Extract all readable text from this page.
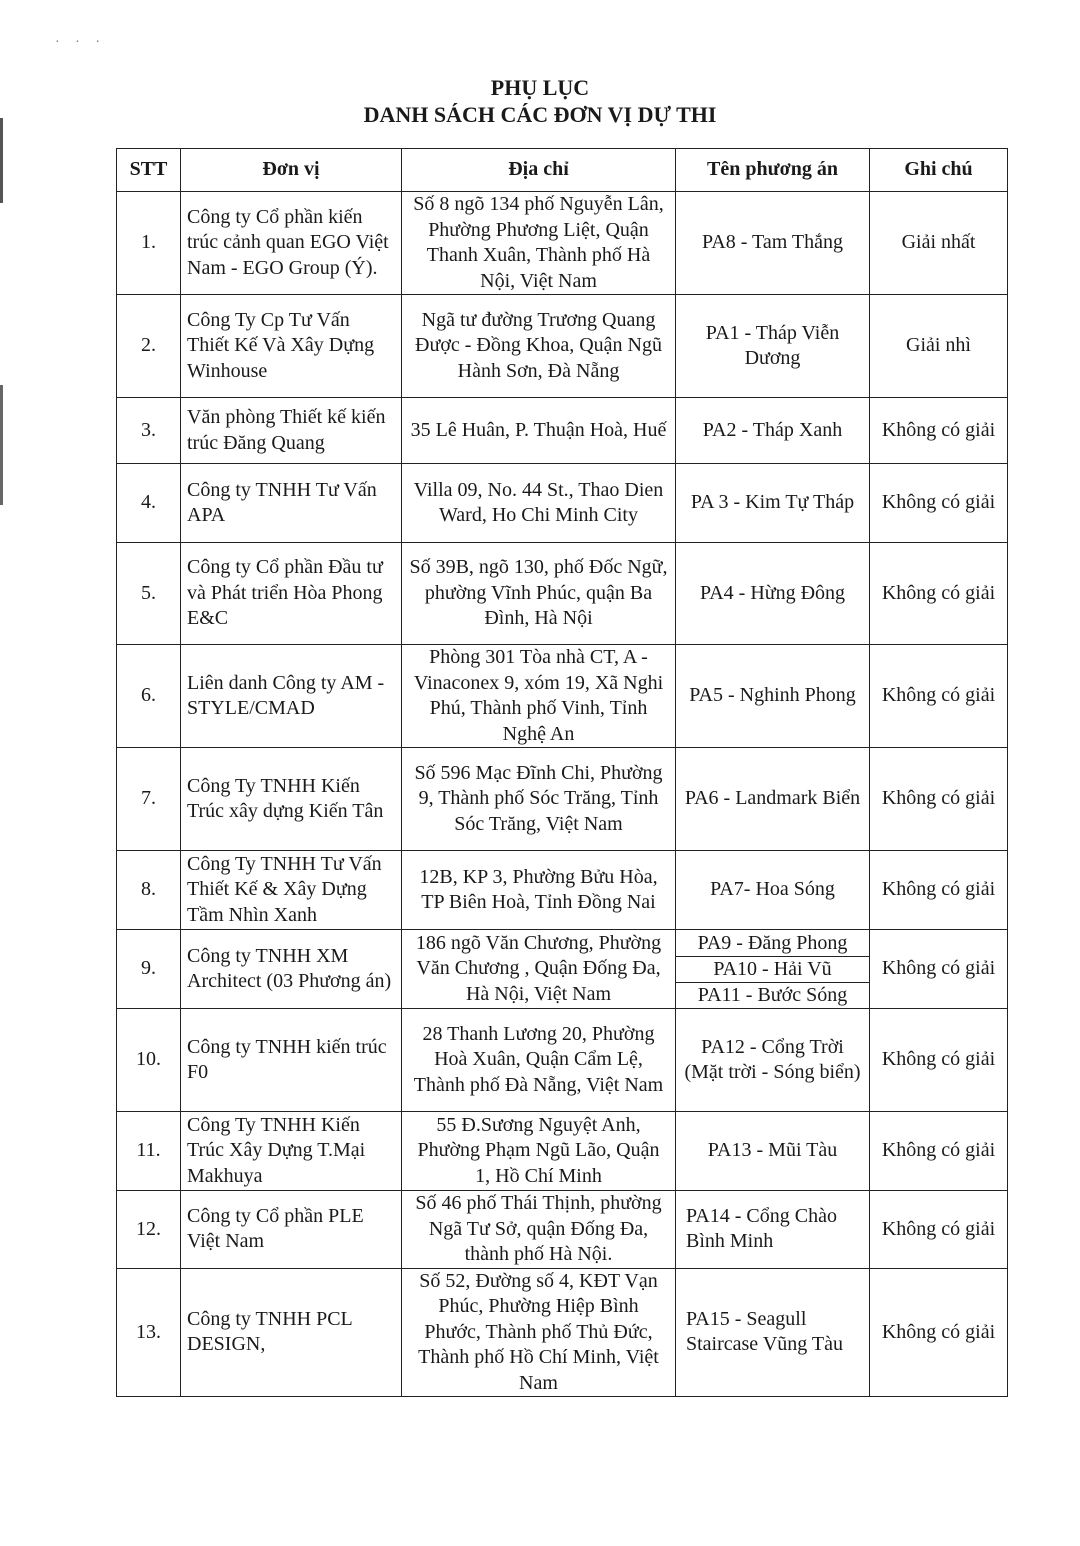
· · ·
PHỤ LỤC
DANH SÁCH CÁC ĐƠN VỊ DỰ THI
STT	Đơn vị	Địa chỉ	Tên phương án	Ghi chú
1.	Công ty Cổ phần kiến trúc cảnh quan EGO Việt Nam - EGO Group (Ý).	Số 8 ngõ 134 phố Nguyễn Lân, Phường Phương Liệt, Quận Thanh Xuân, Thành phố Hà Nội, Việt Nam	PA8 - Tam Thắng	Giải nhất
2.	Công Ty Cp Tư Vấn Thiết Kế Và Xây Dựng Winhouse	Ngã tư đường Trương Quang Được - Đồng Khoa, Quận Ngũ Hành Sơn, Đà Nẵng	PA1 - Tháp Viễn Dương	Giải nhì
3.	Văn phòng Thiết kế kiến trúc Đăng Quang	35 Lê Huân, P. Thuận Hoà, Huế	PA2 - Tháp Xanh	Không có giải
4.	Công ty TNHH Tư Vấn APA	Villa 09, No. 44 St., Thao Dien Ward, Ho Chi Minh City	PA 3 - Kim Tự Tháp	Không có giải
5.	Công ty Cổ phần Đầu tư và Phát triển Hòa Phong E&C	Số 39B, ngõ 130, phố Đốc Ngữ, phường Vĩnh Phúc, quận Ba Đình, Hà Nội	PA4 - Hừng Đông	Không có giải
6.	Liên danh Công ty AM - STYLE/CMAD	Phòng 301 Tòa nhà CT, A - Vinaconex 9, xóm 19, Xã Nghi Phú, Thành phố Vinh, Tỉnh Nghệ An	PA5 - Nghinh Phong	Không có giải
7.	Công Ty TNHH Kiến Trúc xây dựng Kiến Tân	Số 596 Mạc Đĩnh Chi, Phường 9, Thành phố Sóc Trăng, Tỉnh Sóc Trăng, Việt Nam	PA6 - Landmark Biển	Không có giải
8.	Công Ty TNHH Tư Vấn Thiết Kế & Xây Dựng Tầm Nhìn Xanh	12B, KP 3, Phường Bửu Hòa, TP Biên Hoà, Tỉnh Đồng Nai	PA7- Hoa Sóng	Không có giải
9.	Công ty TNHH XM Architect (03 Phương án)	186 ngõ Văn Chương, Phường Văn Chương , Quận Đống Đa, Hà Nội, Việt Nam	PA9 - Đăng Phong
PA10 - Hải Vũ
PA11 - Bước Sóng	Không có giải
10.	Công ty TNHH kiến trúc F0	28 Thanh Lương 20, Phường Hoà Xuân, Quận Cẩm Lệ, Thành phố Đà Nẵng, Việt Nam	PA12 - Cổng Trời (Mặt trời - Sóng biển)	Không có giải
11.	Công Ty TNHH Kiến Trúc Xây Dựng T.Mại Makhuya	55 Đ.Sương Nguyệt Anh, Phường Phạm Ngũ Lão, Quận 1, Hồ Chí Minh	PA13 - Mũi Tàu	Không có giải
12.	Công ty Cổ phần PLE Việt Nam	Số 46 phố Thái Thịnh, phường Ngã Tư Sở, quận Đống Đa, thành phố Hà Nội.	PA14 - Cổng Chào Bình Minh	Không có giải
13.	Công ty TNHH PCL DESIGN,	Số 52, Đường số 4, KĐT Vạn Phúc, Phường Hiệp Bình Phước, Thành phố Thủ Đức, Thành phố Hồ Chí Minh, Việt Nam	PA15 - Seagull Staircase Vũng Tàu	Không có giải
